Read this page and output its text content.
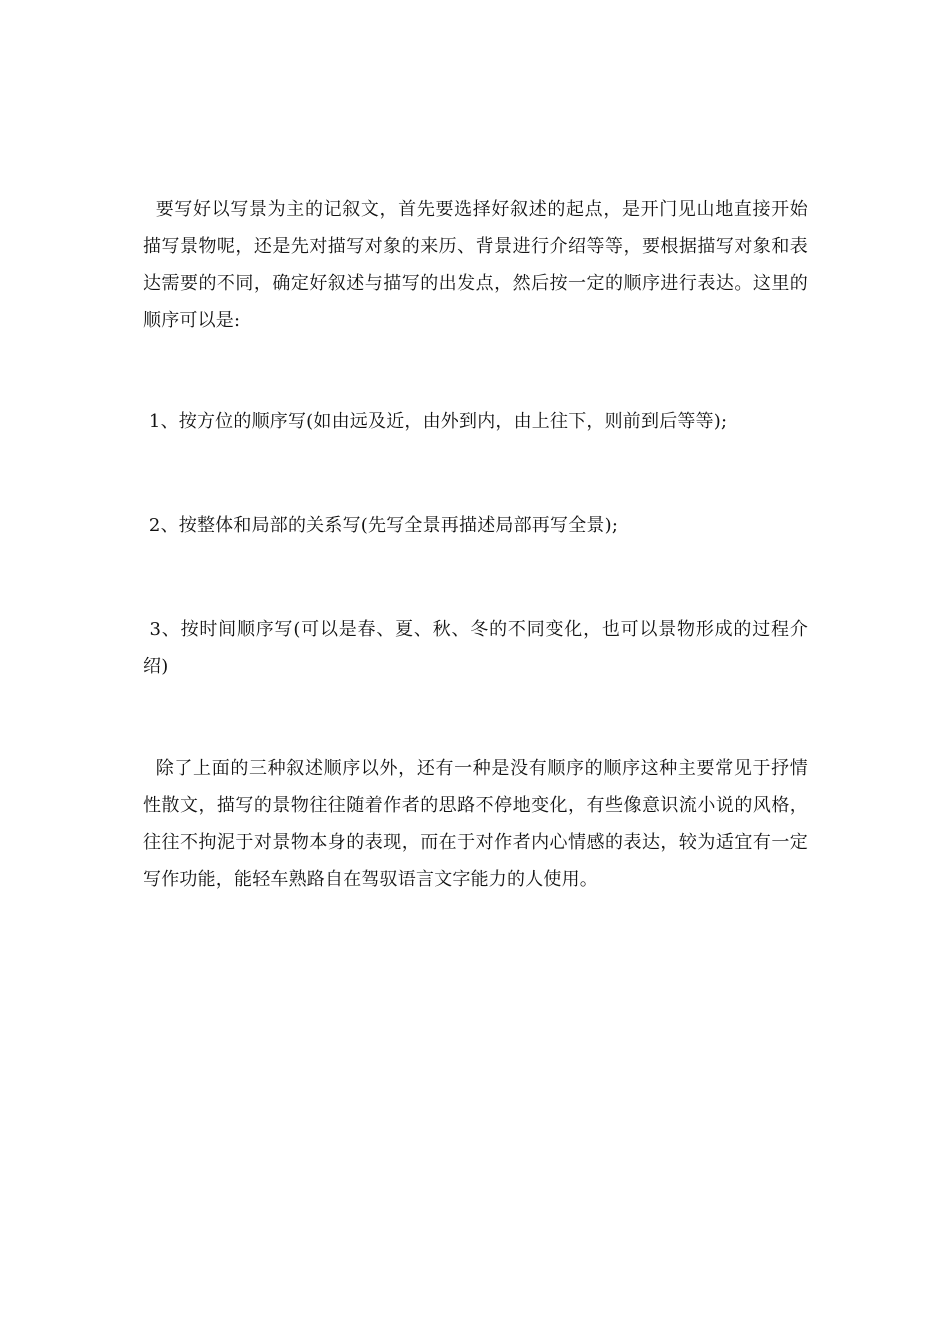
要写好以写景为主的记叙文，首先要选择好叙述的起点，是开门见山地直接开始描写景物呢，还是先对描写对象的来历、背景进行介绍等等，要根据描写对象和表达需要的不同，确定好叙述与描写的出发点，然后按一定的顺序进行表达。这里的顺序可以是:

1、按方位的顺序写(如由远及近，由外到内，由上往下，则前到后等等);

2、按整体和局部的关系写(先写全景再描述局部再写全景);

3、按时间顺序写(可以是春、夏、秋、冬的不同变化，也可以景物形成的过程介绍)

除了上面的三种叙述顺序以外，还有一种是没有顺序的顺序这种主要常见于抒情性散文，描写的景物往往随着作者的思路不停地变化，有些像意识流小说的风格，往往不拘泥于对景物本身的表现，而在于对作者内心情感的表达，较为适宜有一定写作功能，能轻车熟路自在驾驭语言文字能力的人使用。
